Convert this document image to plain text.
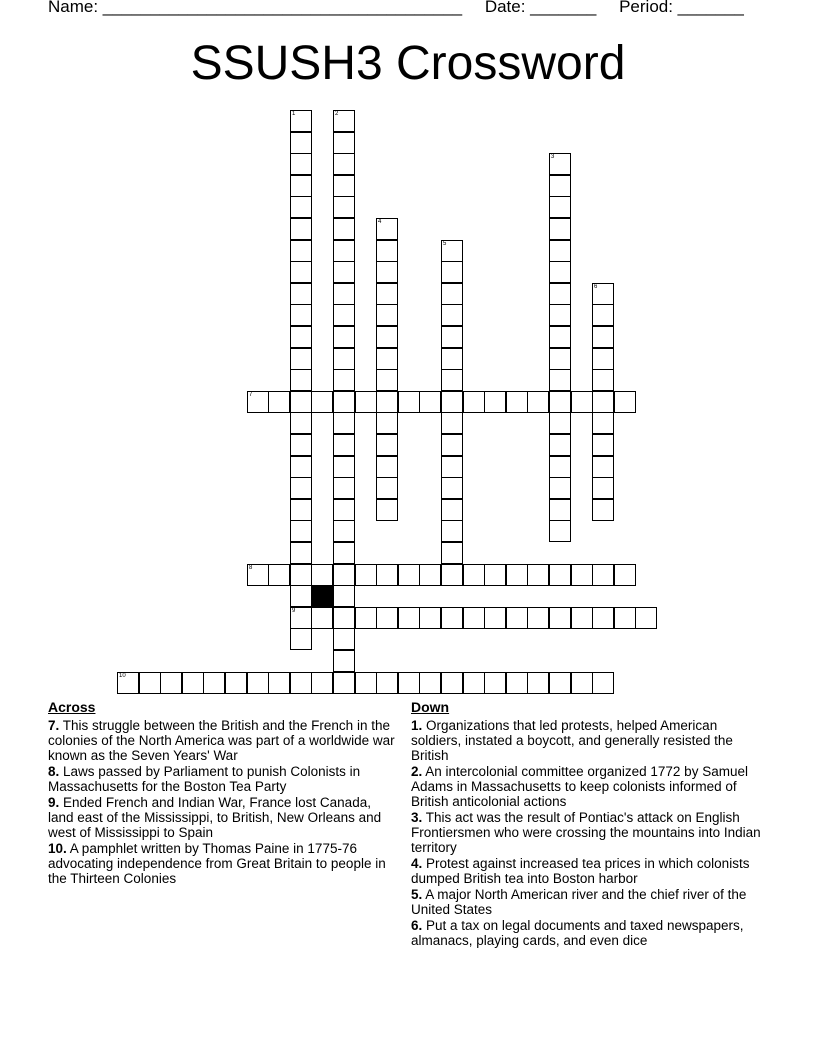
Name: ______________________________________ Date: _______ Period: _______
SSUSH3 Crossword
1
9
2
3
4
5
6
7
8
10
Across
7. This struggle between the British and the French in the colonies of the North America was part of a worldwide war known as the Seven Years' War
8. Laws passed by Parliament to punish Colonists in Massachusetts for the Boston Tea Party
9. Ended French and Indian War, France lost Canada, land east of the Mississippi, to British, New Orleans and west of Mississippi to Spain
10. A pamphlet written by Thomas Paine in 1775-76 advocating independence from Great Britain to people in the Thirteen Colonies
Down
1. Organizations that led protests, helped American soldiers, instated a boycott, and generally resisted the British
2. An intercolonial committee organized 1772 by Samuel Adams in Massachusetts to keep colonists informed of British anticolonial actions
3. This act was the result of Pontiac's attack on English Frontiersmen who were crossing the mountains into Indian territory
4. Protest against increased tea prices in which colonists dumped British tea into Boston harbor
5. A major North American river and the chief river of the United States
6. Put a tax on legal documents and taxed newspapers, almanacs, playing cards, and even dice
